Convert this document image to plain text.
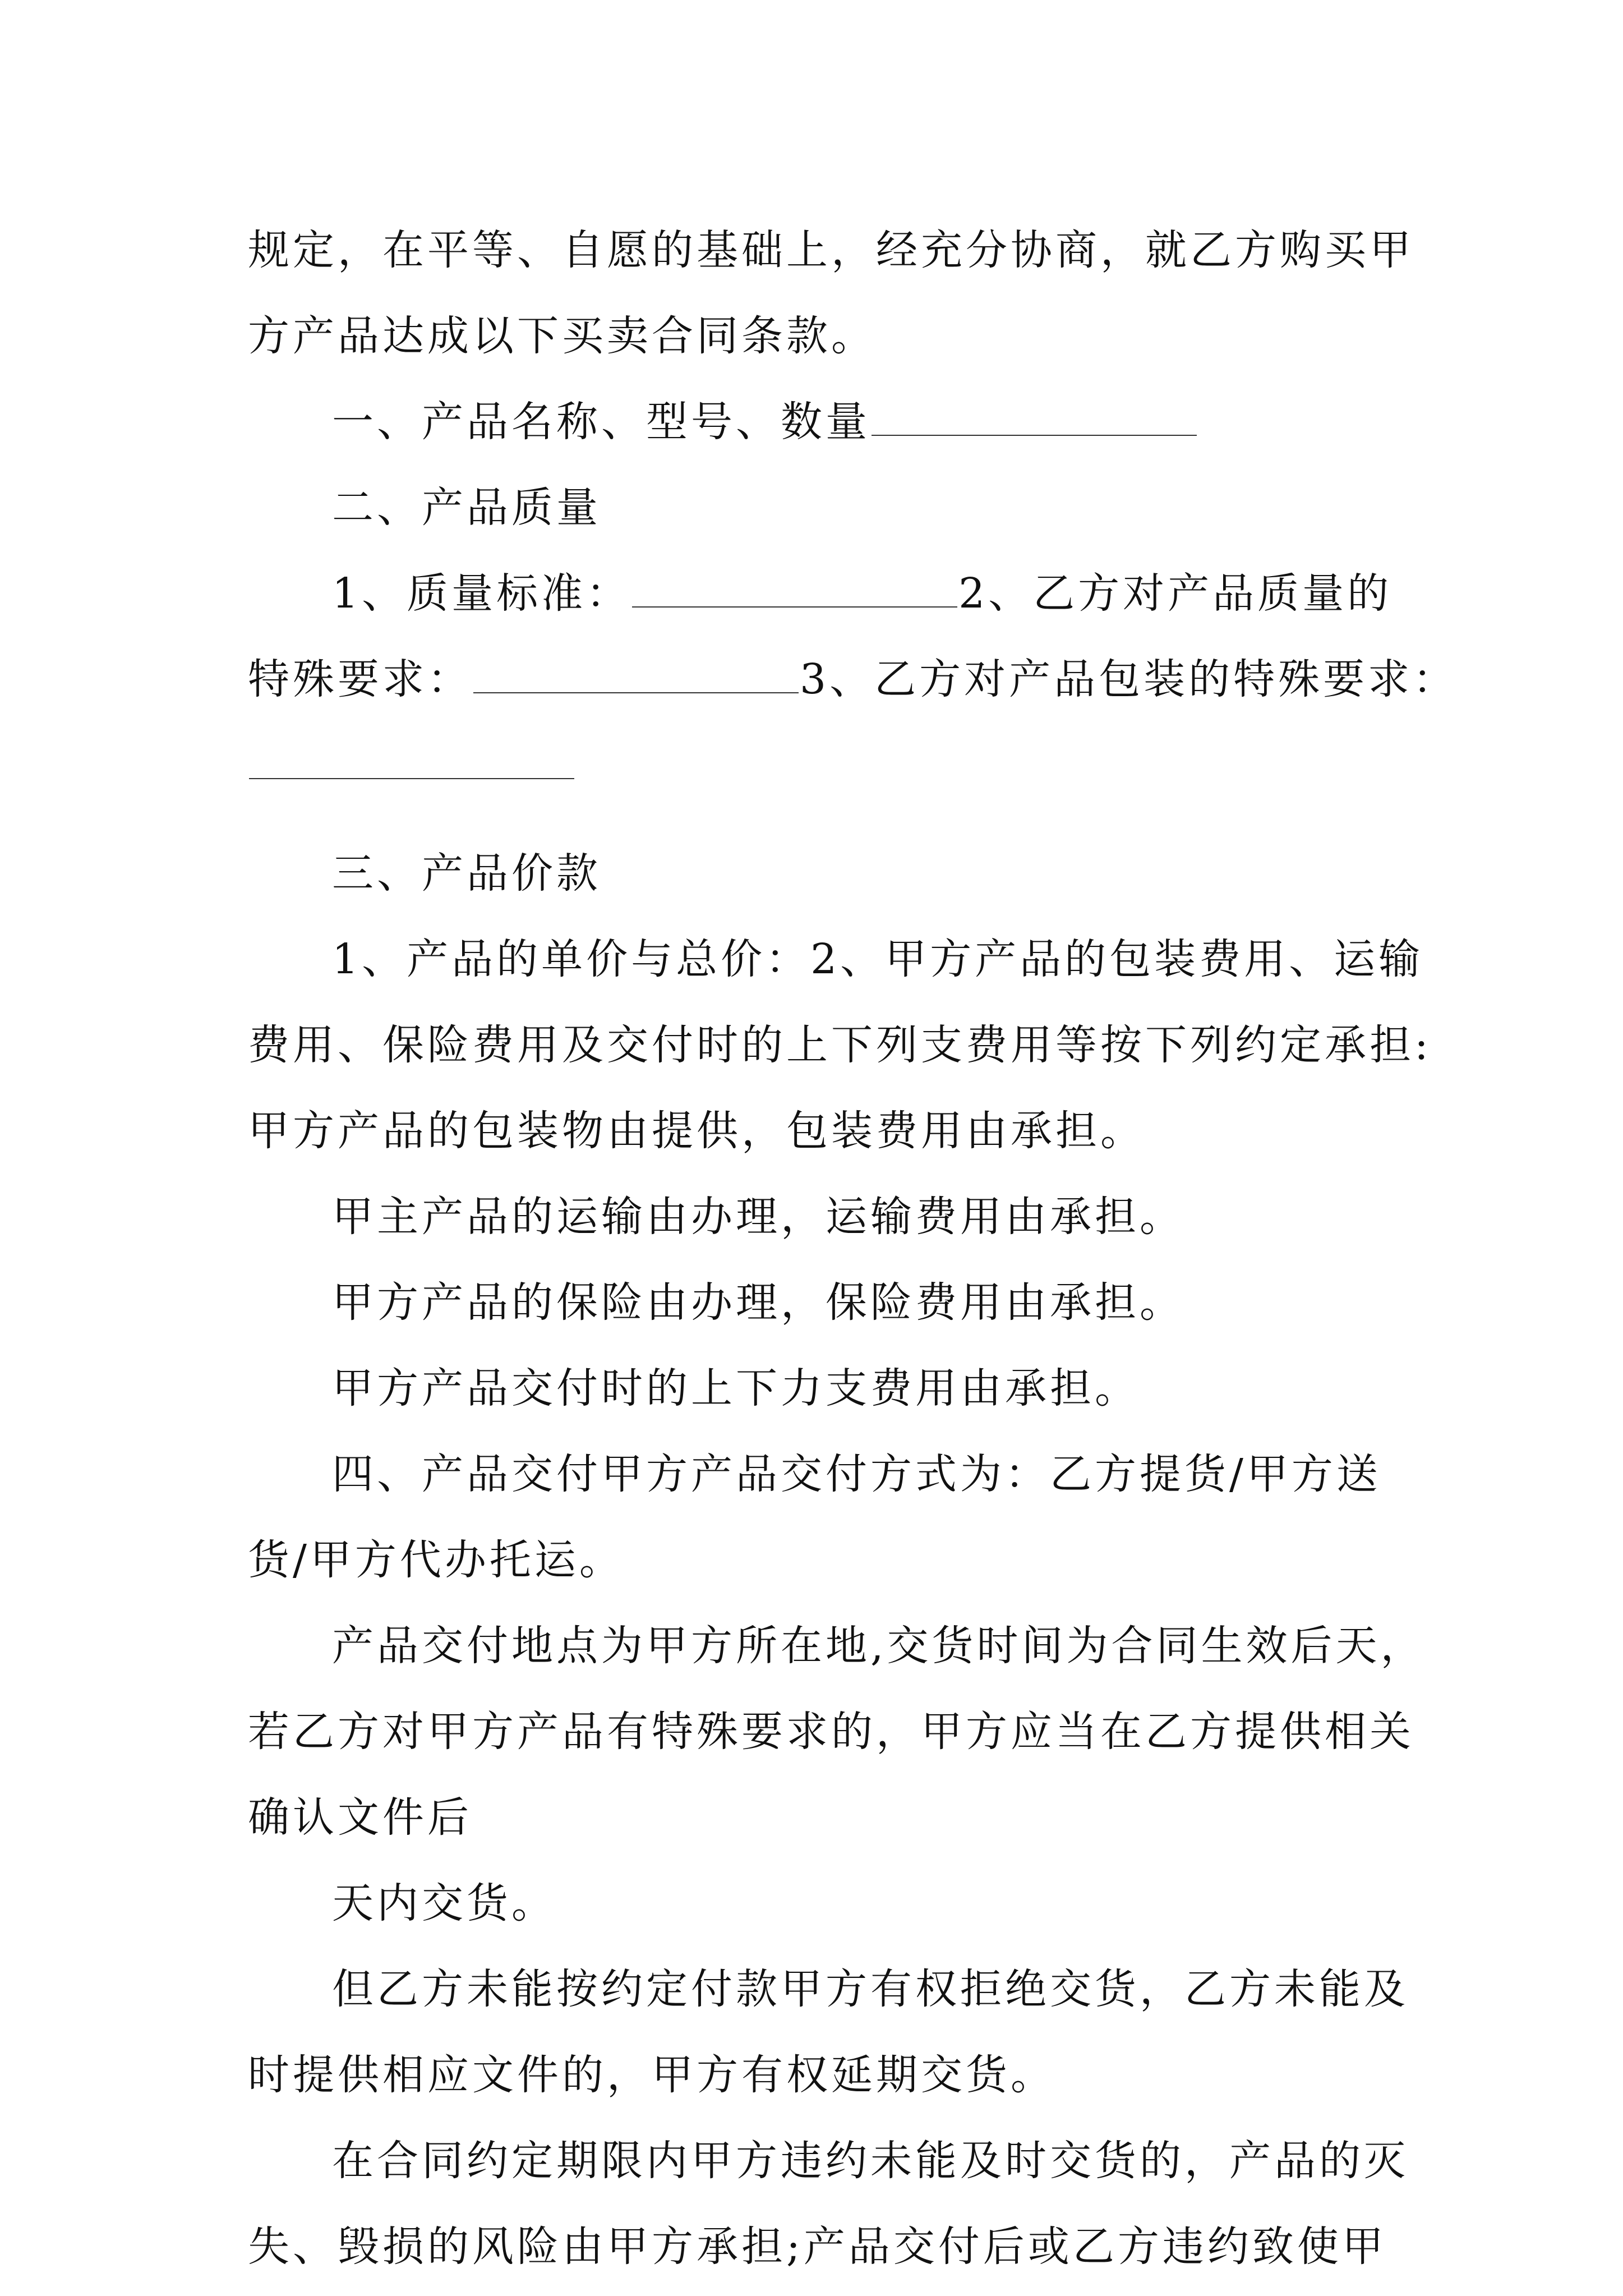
规定，在平等、自愿的基础上，经充分协商，就乙方购买甲
方产品达成以下买卖合同条款。
一、产品名称、型号、数量
二、产品质量
1、质量标准：	2、乙方对产品质量的
特殊要求：	3、乙方对产品包装的特殊要求：
三、产品价款
1、产品的单价与总价：2、甲方产品的包装费用、运输
费用、保险费用及交付时的上下列支费用等按下列约定承担:
甲方产品的包装物由提供，包装费用由承担。
甲主产品的运输由办理，运输费用由承担。
甲方产品的保险由办理，保险费用由承担。
甲方产品交付时的上下力支费用由承担。
四、产品交付甲方产品交付方式为：乙方提货/甲方送
货/甲方代办托运。
产品交付地点为甲方所在地,交货时间为合同生效后天，
若乙方对甲方产品有特殊要求的，甲方应当在乙方提供相关
确认文件后
天内交货。
但乙方未能按约定付款甲方有权拒绝交货，乙方未能及
时提供相应文件的，甲方有权延期交货。
在合同约定期限内甲方违约未能及时交货的，产品的灭
失、毁损的风险由甲方承担;产品交付后或乙方违约致使甲
